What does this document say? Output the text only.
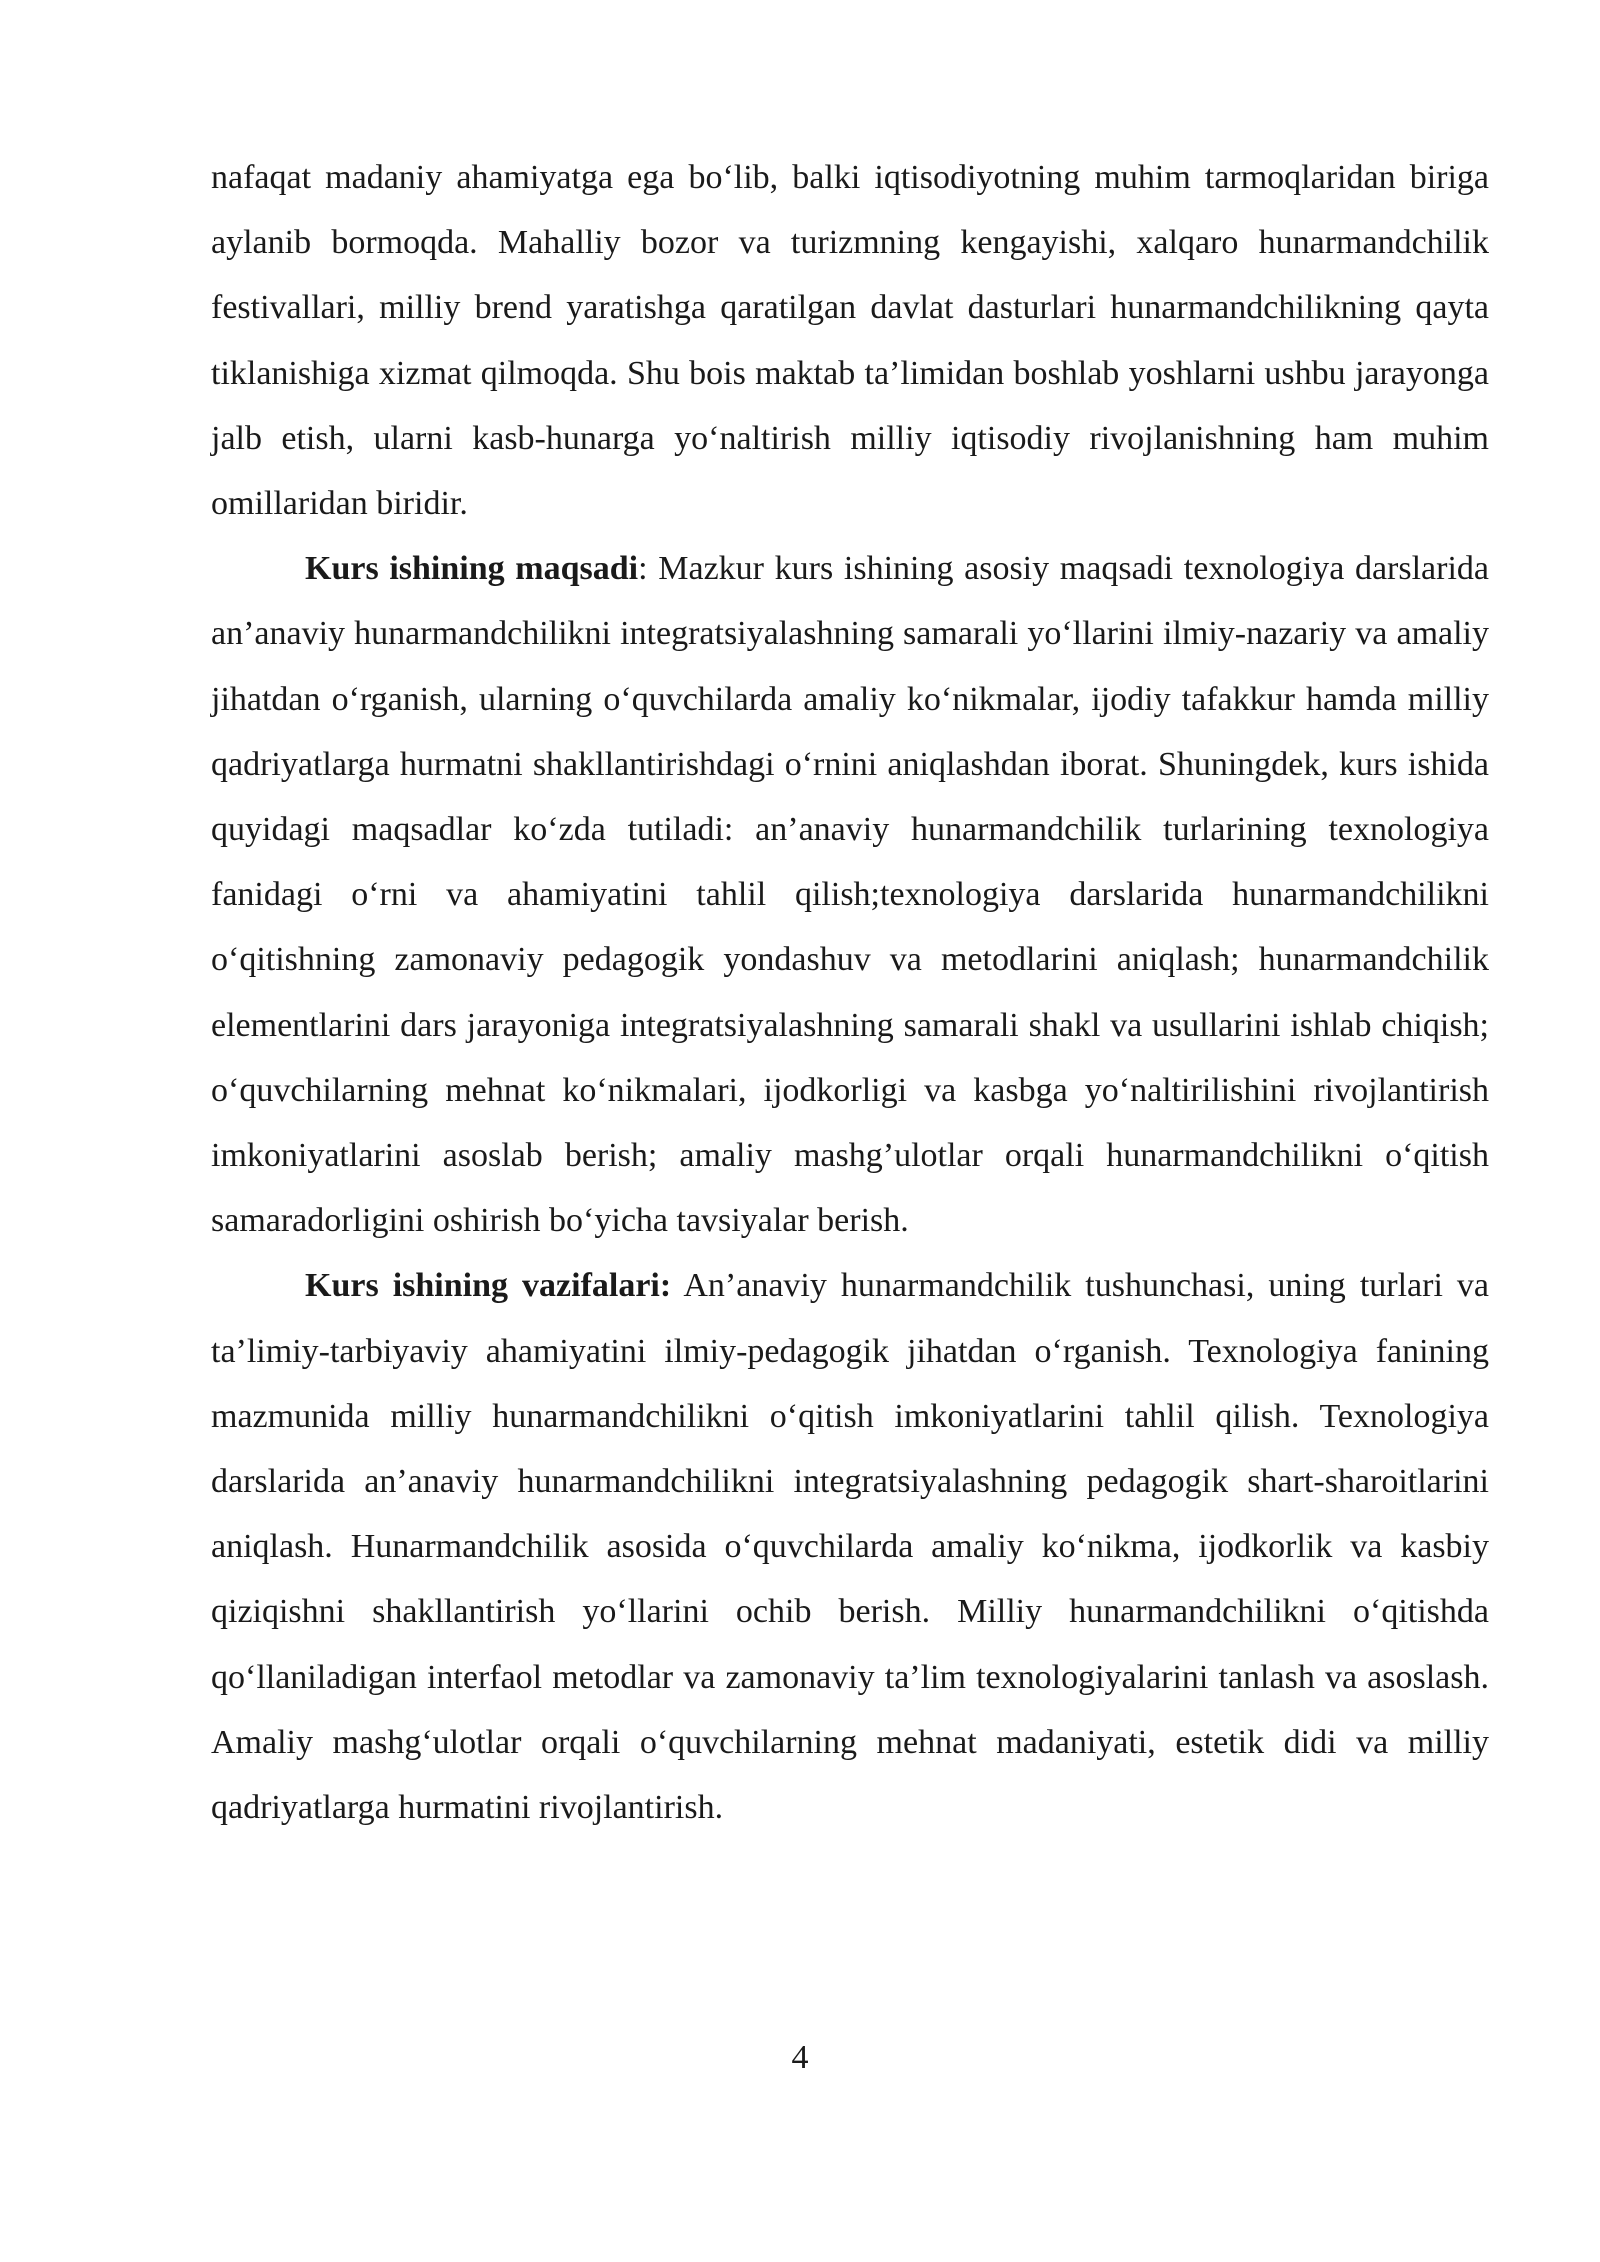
nafaqat madaniy ahamiyatga ega bo‘lib, balki iqtisodiyotning muhim tarmoqlaridan biriga aylanib bormoqda. Mahalliy bozor va turizmning kengayishi, xalqaro hunarmandchilik festivallari, milliy brend yaratishga qaratilgan davlat dasturlari hunarmandchilikning qayta tiklanishiga xizmat qilmoqda. Shu bois maktab ta’limidan boshlab yoshlarni ushbu jarayonga jalb etish, ularni kasb-hunarga yo‘naltirish milliy iqtisodiy rivojlanishning ham muhim omillaridan biridir.

Kurs ishining maqsadi: Mazkur kurs ishining asosiy maqsadi texnologiya darslarida an’anaviy hunarmandchilikni integratsiyalashning samarali yo‘llarini ilmiy-nazariy va amaliy jihatdan o‘rganish, ularning o‘quvchilarda amaliy ko‘nikmalar, ijodiy tafakkur hamda milliy qadriyatlarga hurmatni shakllantirishdagi o‘rnini aniqlashdan iborat. Shuningdek, kurs ishida quyidagi maqsadlar ko‘zda tutiladi: an’anaviy hunarmandchilik turlarining texnologiya fanidagi o‘rni va ahamiyatini tahlil qilish;texnologiya darslarida hunarmandchilikni o‘qitishning zamonaviy pedagogik yondashuv va metodlarini aniqlash; hunarmandchilik elementlarini dars jarayoniga integratsiyalashning samarali shakl va usullarini ishlab chiqish; o‘quvchilarning mehnat ko‘nikmalari, ijodkorligi va kasbga yo‘naltirilishini rivojlantirish imkoniyatlarini asoslab berish; amaliy mashg’ulotlar orqali hunarmandchilikni o‘qitish samaradorligini oshirish bo‘yicha tavsiyalar berish.

Kurs ishining vazifalari: An’anaviy hunarmandchilik tushunchasi, uning turlari va ta’limiy-tarbiyaviy ahamiyatini ilmiy-pedagogik jihatdan o‘rganish. Texnologiya fanining mazmunida milliy hunarmandchilikni o‘qitish imkoniyatlarini tahlil qilish. Texnologiya darslarida an’anaviy hunarmandchilikni integratsiyalashning pedagogik shart-sharoitlarini aniqlash. Hunarmandchilik asosida o‘quvchilarda amaliy ko‘nikma, ijodkorlik va kasbiy qiziqishni shakllantirish yo‘llarini ochib berish. Milliy hunarmandchilikni o‘qitishda qo‘llaniladigan interfaol metodlar va zamonaviy ta’lim texnologiyalarini tanlash va asoslash. Amaliy mashg‘ulotlar orqali o‘quvchilarning mehnat madaniyati, estetik didi va milliy qadriyatlarga hurmatini rivojlantirish.

4
